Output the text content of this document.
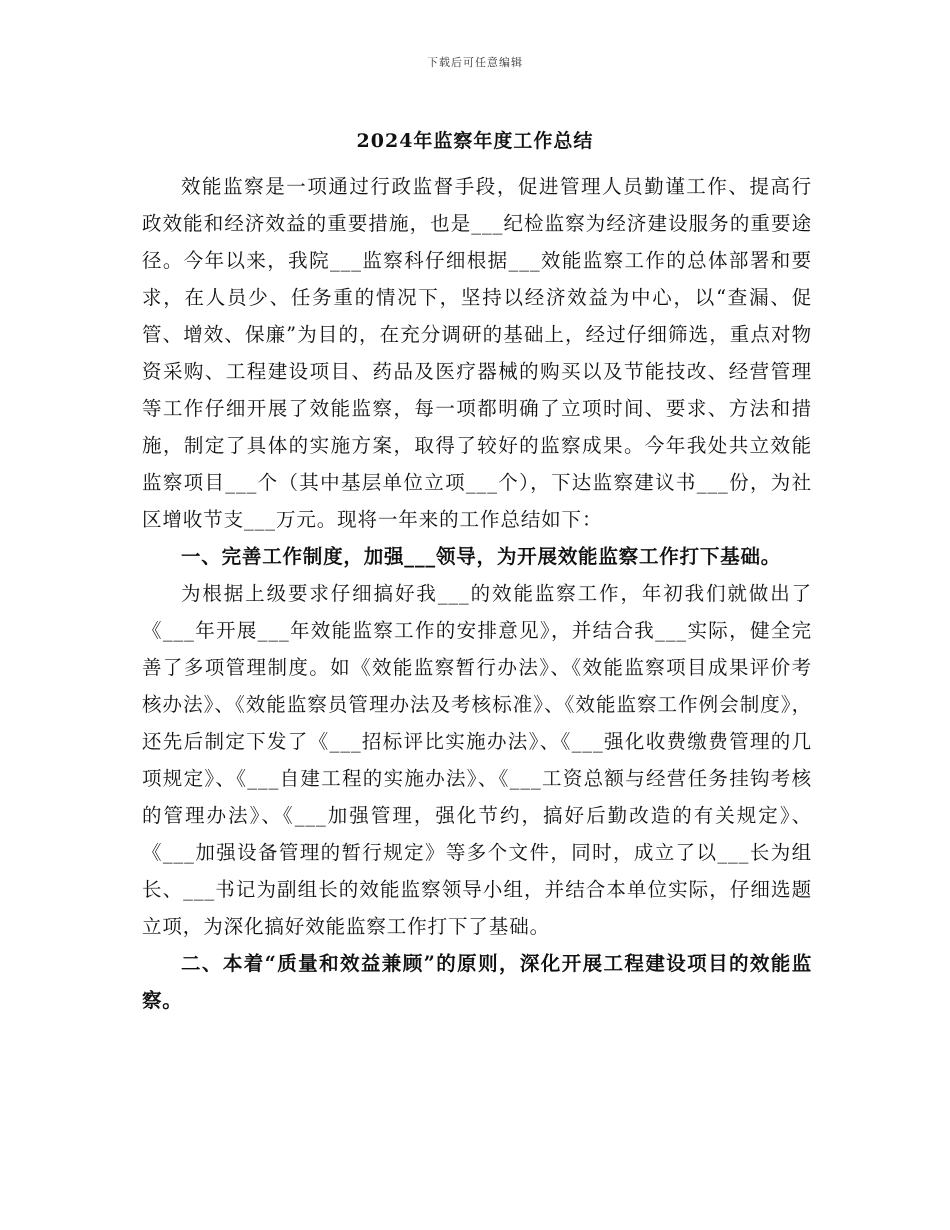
下载后可任意编辑
2024年监察年度工作总结

效能监察是一项通过行政监督手段，促进管理人员勤谨工作、提高行政效能和经济效益的重要措施，也是___纪检监察为经济建设服务的重要途径。今年以来，我院___监察科仔细根据___效能监察工作的总体部署和要求，在人员少、任务重的情况下，坚持以经济效益为中心，以“查漏、促管、增效、保廉”为目的，在充分调研的基础上，经过仔细筛选，重点对物资采购、工程建设项目、药品及医疗器械的购买以及节能技改、经营管理等工作仔细开展了效能监察，每一项都明确了立项时间、要求、方法和措施，制定了具体的实施方案，取得了较好的监察成果。今年我处共立效能监察项目___个（其中基层单位立项___个），下达监察建议书___份，为社区增收节支___万元。现将一年来的工作总结如下：

一、完善工作制度，加强___领导，为开展效能监察工作打下基础。

为根据上级要求仔细搞好我___的效能监察工作，年初我们就做出了《___年开展___年效能监察工作的安排意见》，并结合我___实际，健全完善了多项管理制度。如《效能监察暂行办法》、《效能监察项目成果评价考核办法》、《效能监察员管理办法及考核标准》、《效能监察工作例会制度》，还先后制定下发了《___招标评比实施办法》、《___强化收费缴费管理的几项规定》、《___自建工程的实施办法》、《___工资总额与经营任务挂钩考核的管理办法》、《___加强管理，强化节约，搞好后勤改造的有关规定》、《___加强设备管理的暂行规定》等多个文件，同时，成立了以___长为组长、___书记为副组长的效能监察领导小组，并结合本单位实际，仔细选题立项，为深化搞好效能监察工作打下了基础。

二、本着“质量和效益兼顾”的原则，深化开展工程建设项目的效能监察。
